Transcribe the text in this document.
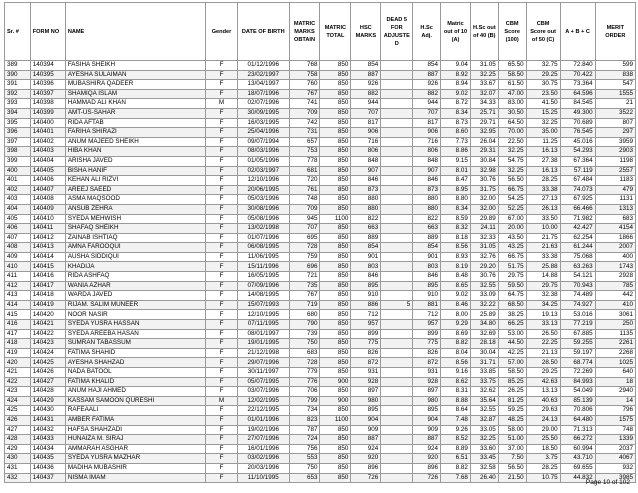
Sr. #	FORM NO	NAME	Gender	DATE OF BIRTH	MATRIC MARKS OBTAIN	MATRIC TOTAL	HSC MARKS	DEAD 5 FOR ADJUSTE D	H.Sc Adj.	Matric out of 10 (A)	H.Sc out of 40 (B)	CBM Score (100)	CBM Score out of 50 (C)	A + B + C	MERIT ORDER
389	140394	FASIHA SHEIKH	F	01/12/1996	768	850	854		854	9.04	31.05	65.50	32.75	72.840	599
390	140395	AYESHA SULAIMAN	F	23/02/1997	758	850	887		887	8.92	32.25	58.50	29.25	70.422	838
391	140396	MUBASHIRA QADEER	F	13/04/1997	760	850	926		926	8.94	33.67	61.50	30.75	73.364	547
392	140397	SHAMIQA ISLAM	F	18/07/1996	767	850	882		882	9.02	32.07	47.00	23.50	64.596	1555
393	140398	HAMMAD ALI KHAN	M	02/07/1996	741	850	944		944	8.72	34.33	83.00	41.50	84.545	21
394	140399	AMT-US-SAHAR	F	30/09/1995	709	850	707		707	8.34	25.71	30.50	15.25	49.300	3522
395	140400	RIDA AFTAB	F	16/03/1995	742	850	817		817	8.73	29.71	64.50	32.25	70.689	807
396	140401	FARIHA SHIRAZI	F	25/04/1996	731	850	906		906	8.60	32.95	70.00	35.00	76.545	297
397	140402	ANUM MAJEED SHEIKH	F	09/07/1994	657	850	716		716	7.73	26.04	22.50	11.25	45.016	3959
398	140403	HIBA KHAN	F	08/03/1996	753	850	806		806	8.86	29.31	32.25	16.13	54.293	2903
399	140404	ARISHA JAVED	F	01/05/1996	778	850	848		848	9.15	30.84	54.75	27.38	67.364	1198
400	140405	BISHA HANIF	F	02/03/1997	681	850	907		907	8.01	32.98	32.25	16.13	57.119	2557
401	140406	KEHAN ALI RIZVI	F	12/10/1996	720	850	846		846	8.47	30.76	56.50	28.25	67.484	1183
402	140407	AREEJ SAEED	F	20/06/1995	761	850	873		873	8.95	31.75	66.75	33.38	74.073	479
403	140408	ASMA MAQSOOD	F	05/03/1996	748	850	880		880	8.80	32.00	54.25	27.13	67.925	1131
404	140409	ANSUB ZEHRA	F	30/08/1996	709	850	880		880	8.34	32.00	52.25	26.13	66.466	1313
405	140410	SYEDA MEHWISH	F	05/08/1996	945	1100	822		822	8.59	29.89	67.00	33.50	71.982	683
406	140411	SHAFAQ SHEIKH	F	13/02/1998	707	850	663		663	8.32	24.11	20.00	10.00	42.427	4154
407	140412	ZAINAB ISHTIAQ	F	01/07/1996	695	850	889		889	8.18	32.33	43.50	21.75	62.254	1866
408	140413	AMNA FAROOQUI	F	06/08/1995	728	850	854		854	8.56	31.05	43.25	21.63	61.244	2007
409	140414	AUSHA SIDDIQUI	F	11/06/1995	759	850	901		901	8.93	32.76	66.75	33.38	75.068	400
410	140415	KHADIJA	F	15/11/1996	696	850	803		803	8.19	29.20	51.75	25.88	63.263	1743
411	140416	RIDA ASHFAQ	F	16/05/1995	721	850	846		846	8.48	30.76	29.75	14.88	54.121	2928
412	140417	WANIA AZHAR	F	07/09/1996	735	850	895		895	8.65	32.55	59.50	29.75	70.943	785
413	140418	WARDA JAVED	F	14/08/1995	767	850	910		910	9.02	33.09	64.75	32.38	74.489	442
414	140419	RIJAM. SALIM MUNEER	F	15/07/1993	719	850	886	5	881	8.46	32.22	68.50	34.25	74.927	410
415	140420	NOOR NASIR	F	12/10/1995	680	850	712		712	8.00	25.89	38.25	19.13	53.016	3061
416	140421	SYEDA YUSRA HASSAN	F	07/11/1995	790	850	957		957	9.29	34.80	66.25	33.13	77.219	250
417	140422	SYEDA AREEBA HASAN	F	08/01/1997	739	850	899		899	8.69	32.69	53.00	26.50	67.885	1135
418	140423	SUMRAN TABASSUM	F	19/01/1995	750	850	775		775	8.82	28.18	44.50	22.25	59.255	2261
419	140424	FATIMA SHAHID	F	21/12/1998	683	850	826		826	8.04	30.04	42.25	21.13	59.197	2268
420	140425	AYESHA SHAHZAD	F	29/07/1996	728	850	872		872	8.56	31.71	57.00	28.50	68.774	1025
421	140426	NADA BATOOL	F	30/11/1997	779	850	931		931	9.16	33.85	58.50	29.25	72.269	640
422	140427	FATIMA KHALID	F	05/07/1995	776	900	928		928	8.62	33.75	85.25	42.63	84.993	18
423	140428	ANUM HAJI AHMED	F	03/07/1996	706	850	897		897	8.31	32.62	26.25	13.13	54.049	2940
424	140429	KASSAM SAMOON QURESHI	M	12/02/1995	799	900	980		980	8.88	35.64	81.25	40.63	85.139	14
425	140430	RAFEAALI	F	22/12/1995	734	850	895		895	8.64	32.55	59.25	29.63	70.806	796
426	140431	AMBER FATIMA	F	01/01/1996	823	1100	904		904	7.48	32.87	48.25	24.13	64.480	1575
427	140432	HAFSA SHAHZADI	F	19/02/1996	787	850	909		909	9.26	33.05	58.00	29.00	71.313	748
428	140433	HUNAIZA M. SIRAJ	F	27/07/1996	724	850	887		887	8.52	32.25	51.00	25.50	66.272	1339
429	140434	AMMARAH ASGHAR	F	16/01/1996	756	850	924		924	8.89	33.60	37.00	18.50	60.994	2037
430	140435	SYEDA YUSRA MAZHAR	F	03/02/1996	553	850	920		920	6.51	33.45	7.50	3.75	43.710	4067
431	140436	MADIHA MUBASHIR	F	20/03/1996	750	850	896		896	8.82	32.58	56.50	28.25	69.655	932
432	140437	NISMA IMAM	F	11/10/1995	653	850	726		726	7.68	26.40	21.50	10.75	44.832	3985
Page 10 of 102
